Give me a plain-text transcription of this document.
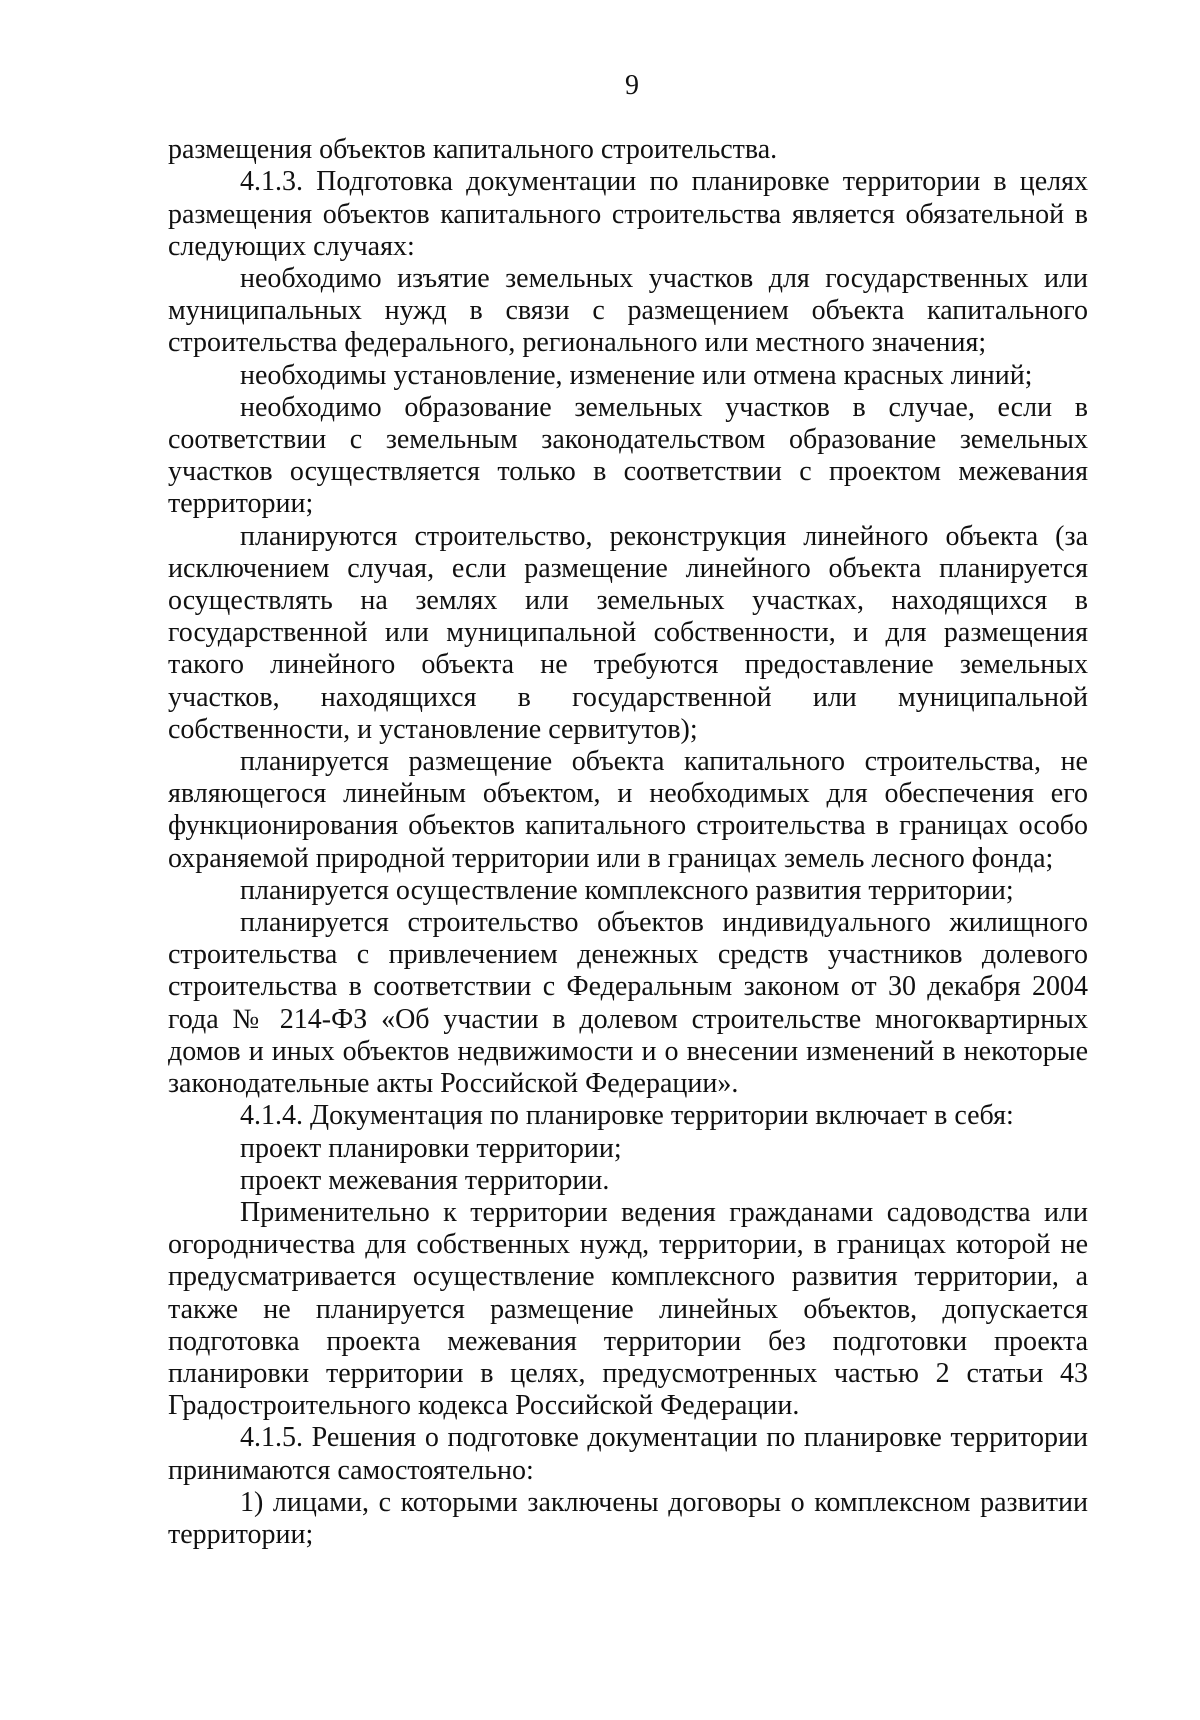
9

размещения объектов капитального строительства.

4.1.3. Подготовка документации по планировке территории в целях размещения объектов капитального строительства является обязательной в следующих случаях:

необходимо изъятие земельных участков для государственных или муниципальных нужд в связи с размещением объекта капитального строительства федерального, регионального или местного значения;

необходимы установление, изменение или отмена красных линий;

необходимо образование земельных участков в случае, если в соответствии с земельным законодательством образование земельных участков осуществляется только в соответствии с проектом межевания территории;

планируются строительство, реконструкция линейного объекта (за исключением случая, если размещение линейного объекта планируется осуществлять на землях или земельных участках, находящихся в государственной или муниципальной собственности, и для размещения такого линейного объекта не требуются предоставление земельных участков, находящихся в государственной или муниципальной собственности, и установление сервитутов);

планируется размещение объекта капитального строительства, не являющегося линейным объектом, и необходимых для обеспечения его функционирования объектов капитального строительства в границах особо охраняемой природной территории или в границах земель лесного фонда;

планируется осуществление комплексного развития территории;

планируется строительство объектов индивидуального жилищного строительства с привлечением денежных средств участников долевого строительства в соответствии с Федеральным законом от 30 декабря 2004 года № 214-ФЗ «Об участии в долевом строительстве многоквартирных домов и иных объектов недвижимости и о внесении изменений в некоторые законодательные акты Российской Федерации».

4.1.4. Документация по планировке территории включает в себя:

проект планировки территории;

проект межевания территории.

Применительно к территории ведения гражданами садоводства или огородничества для собственных нужд, территории, в границах которой не предусматривается осуществление комплексного развития территории, а также не планируется размещение линейных объектов, допускается подготовка проекта межевания территории без подготовки проекта планировки территории в целях, предусмотренных частью 2 статьи 43 Градостроительного кодекса Российской Федерации.

4.1.5. Решения о подготовке документации по планировке территории принимаются самостоятельно:

1) лицами, с которыми заключены договоры о комплексном развитии территории;
